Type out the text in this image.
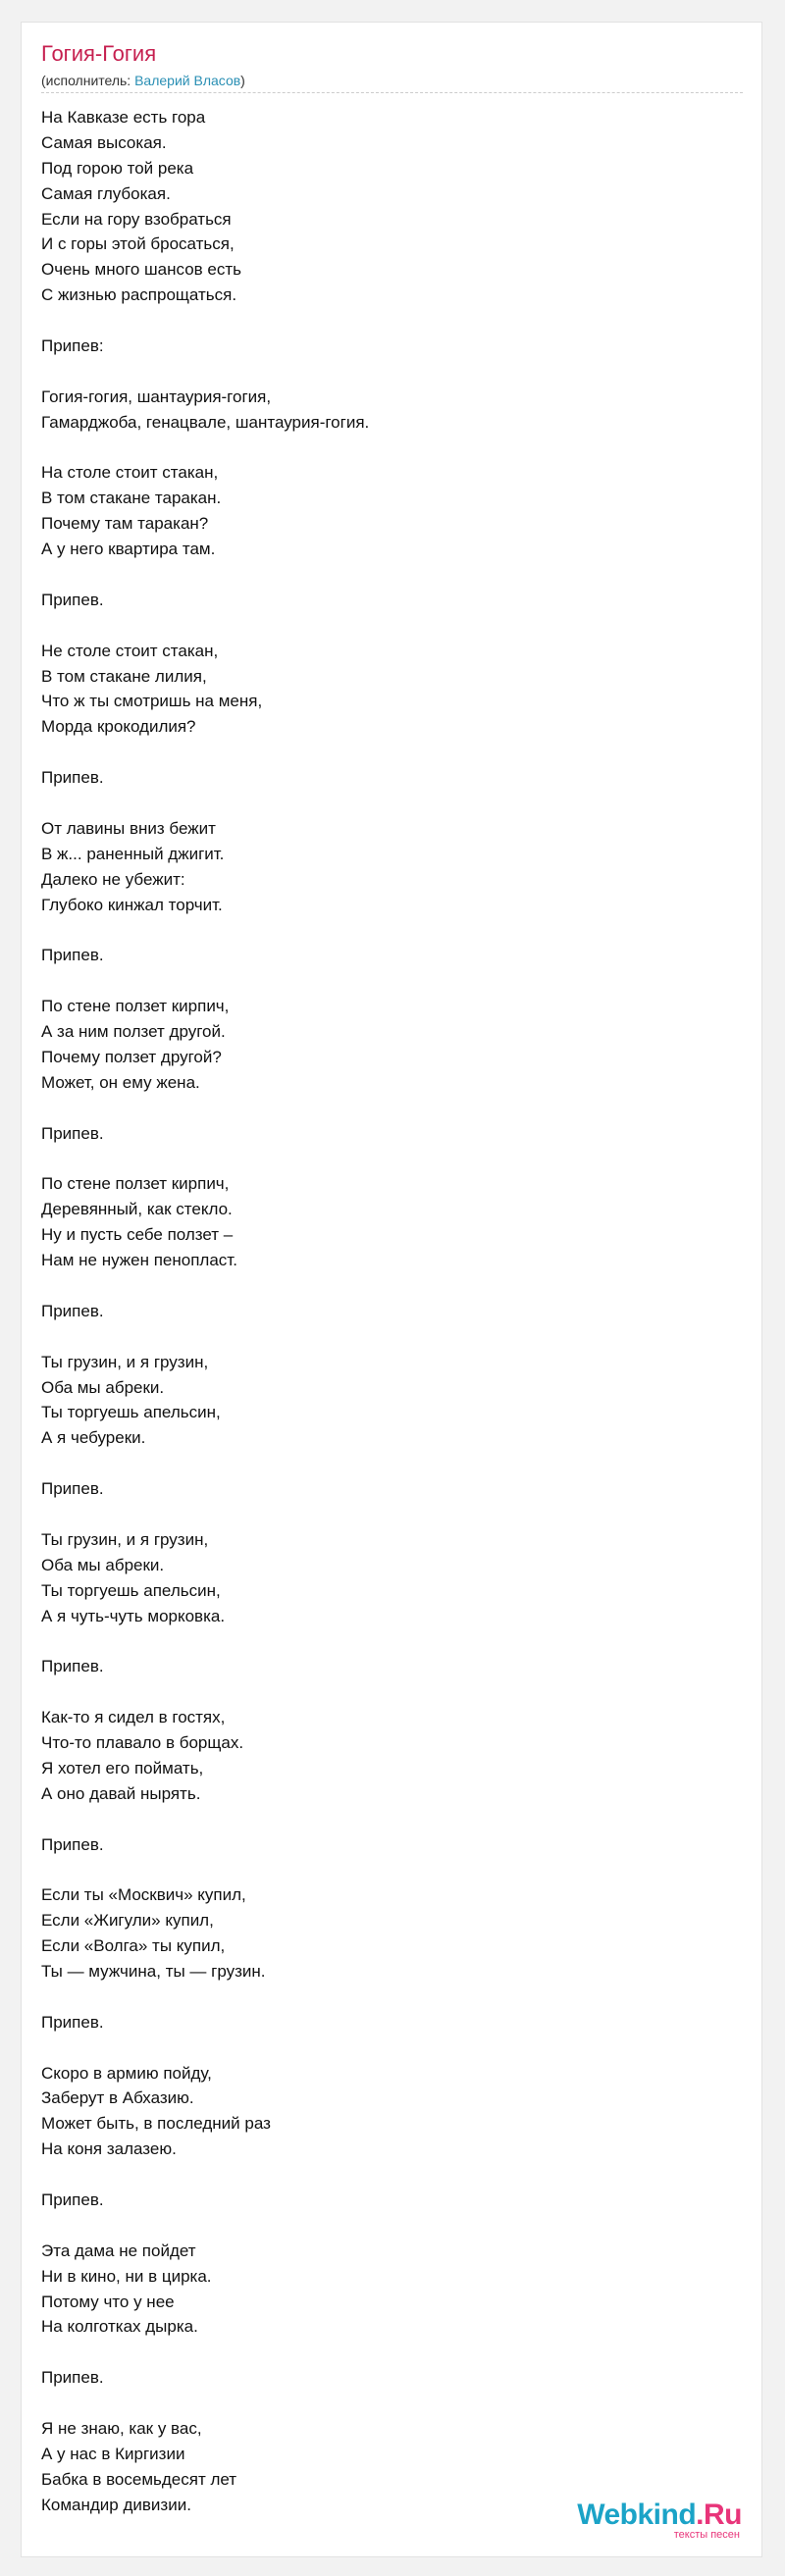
Гогия-Гогия
(исполнитель: Валерий Власов)
На Кавказе есть гора
Самая высокая.
Под горою той река
Самая глубокая.
Если на гору взобраться
И с горы этой бросаться,
Очень много шансов есть
С жизнью распрощаться.
Припев:
Гогия-гогия, шантаурия-гогия,
Гамарджоба, генацвале, шантаурия-гогия.
На столе стоит стакан,
В том стакане таракан.
Почему там таракан?
А у него квартира там.
Припев.
Не столе стоит стакан,
В том стакане лилия,
Что ж ты смотришь на меня,
Морда крокодилия?
Припев.
От лавины вниз бежит
В ж... раненный джигит.
Далеко не убежит:
Глубоко кинжал торчит.
Припев.
По стене ползет кирпич,
А за ним ползет другой.
Почему ползет другой?
Может, он ему жена.
Припев.
По стене ползет кирпич,
Деревянный, как стекло.
Ну и пусть себе ползет –
Нам не нужен пенопласт.
Припев.
Ты грузин, и я грузин,
Оба мы абреки.
Ты торгуешь апельсин,
А я чебуреки.
Припев.
Ты грузин, и я грузин,
Оба мы абреки.
Ты торгуешь апельсин,
А я чуть-чуть морковка.
Припев.
Как-то я сидел в гостях,
Что-то плавало в борщах.
Я хотел его поймать,
А оно давай нырять.
Припев.
Если ты «Москвич» купил,
Если «Жигули» купил,
Если «Волга» ты купил,
Ты — мужчина, ты — грузин.
Припев.
Скоро в армию пойду,
Заберут в Абхазию.
Может быть, в последний раз
На коня залазею.
Припев.
Эта дама не пойдет
Ни в кино, ни в цирка.
Потому что у нее
На колготках дырка.
Припев.
Я не знаю, как у вас,
А у нас в Киргизии
Бабка в восемьдесят лет
Командир дивизии.	Webkind.Ru
тексты песен
